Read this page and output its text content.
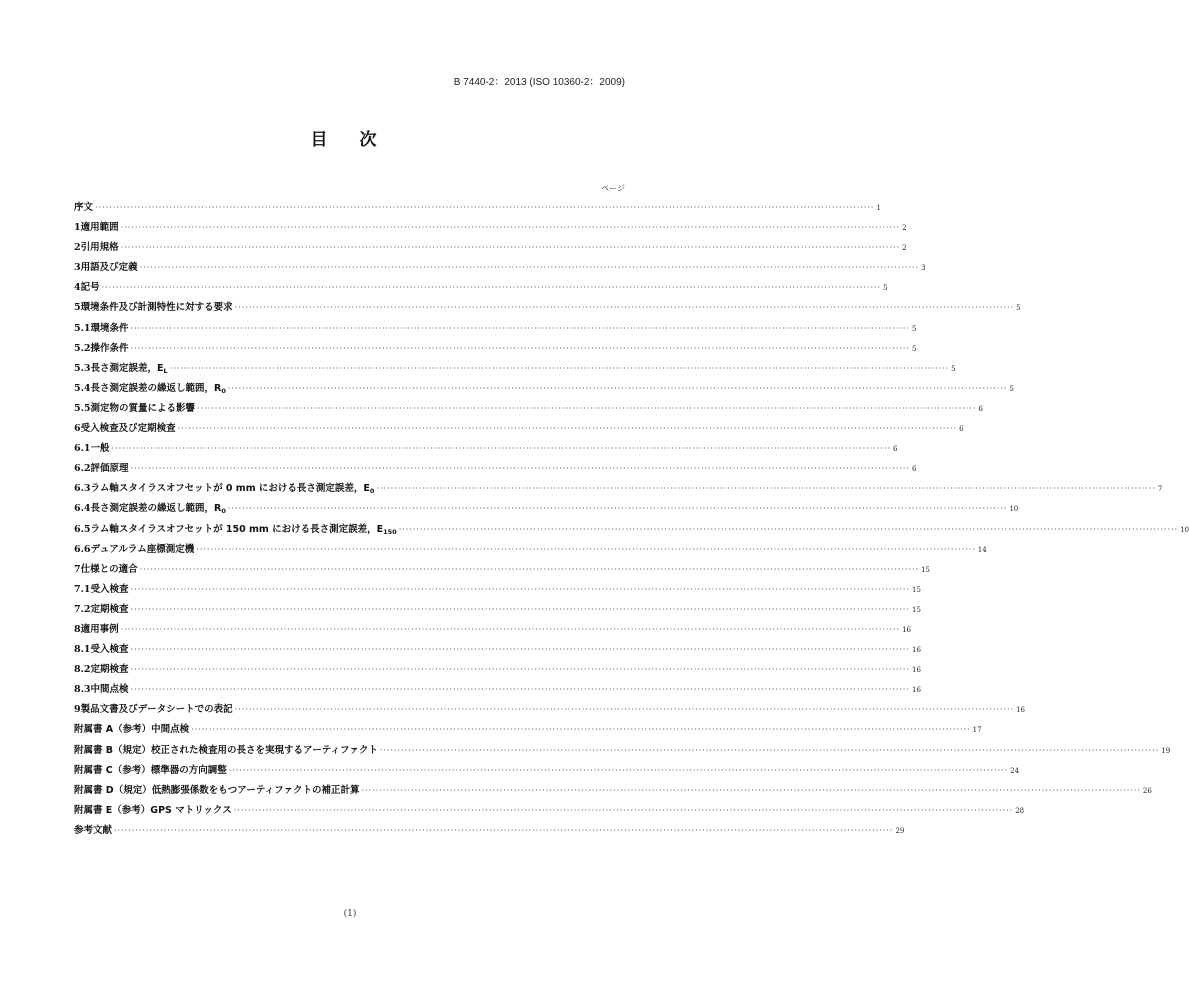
B 7440-2：2013 (ISO 10360-2：2009)
目 次
ページ
序文 ···························································································································································································································· 1
1 適用範囲 ···························································································································································································································· 2
2 引用規格 ···························································································································································································································· 2
3 用語及び定義 ···························································································································································································································· 3
4 記号 ···························································································································································································································· 5
5 環境条件及び計測特性に対する要求 ···························································································································································································································· 5
5.1 環境条件 ···························································································································································································································· 5
5.2 操作条件 ···························································································································································································································· 5
5.3 長さ測定誤差，$E_L$ ···························································································································································································································· 5
5.4 長さ測定誤差の繰返し範囲，$R_0$ ···························································································································································································································· 5
5.5 測定物の質量による影響 ···························································································································································································································· 6
6 受入検査及び定期検査 ···························································································································································································································· 6
6.1 一般 ···························································································································································································································· 6
6.2 評価原理 ···························································································································································································································· 6
6.3 ラム軸スタイラスオフセットが 0 mm における長さ測定誤差，$E_0$ ···························································································································································································································· 7
6.4 長さ測定誤差の繰返し範囲，$R_0$ ···························································································································································································································· 10
6.5 ラム軸スタイラスオフセットが 150 mm における長さ測定誤差，$E_{150}$ ···························································································································································································································· 10
6.6 デュアルラム座標測定機 ···························································································································································································································· 14
7 仕様との適合 ···························································································································································································································· 15
7.1 受入検査 ···························································································································································································································· 15
7.2 定期検査 ···························································································································································································································· 15
8 適用事例 ···························································································································································································································· 16
8.1 受入検査 ···························································································································································································································· 16
8.2 定期検査 ···························································································································································································································· 16
8.3 中間点検 ···························································································································································································································· 16
9 製品文書及びデータシートでの表記 ···························································································································································································································· 16
附属書 A（参考）中間点検 ···························································································································································································································· 17
附属書 B（規定）校正された検査用の長さを実現するアーティファクト ···························································································································································································································· 19
附属書 C（参考）標準器の方向調整 ···························································································································································································································· 24
附属書 D（規定）低熱膨張係数をもつアーティファクトの補正計算 ···························································································································································································································· 26
附属書 E（参考）GPS マトリックス ···························································································································································································································· 28
参考文献 ···························································································································································································································· 29
(1)
